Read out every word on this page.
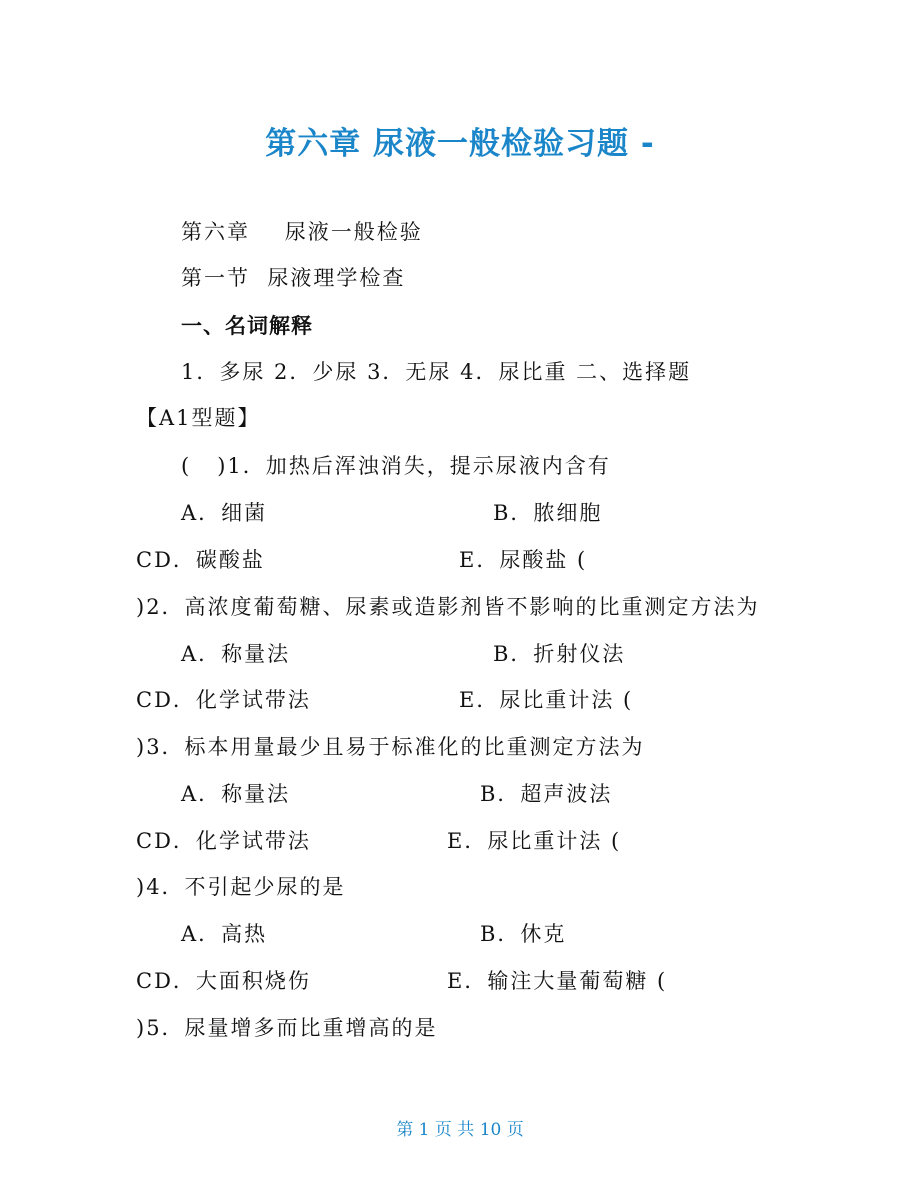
第六章 尿液一般检验习题 -
第六章    尿液一般检验
第一节  尿液理学检查
一、名词解释
1．多尿 2．少尿 3．无尿 4．尿比重 二、选择题
【A1型题】
(   )1．加热后浑浊消失，提示尿液内含有
A．细菌	B．脓细胞
CD．碳酸盐	E．尿酸盐 (
)2．高浓度葡萄糖、尿素或造影剂皆不影响的比重测定方法为
A．称量法	B．折射仪法
CD．化学试带法	E．尿比重计法 (
)3．标本用量最少且易于标准化的比重测定方法为
A．称量法	B．超声波法
CD．化学试带法	E．尿比重计法 (
)4．不引起少尿的是
A．高热	B．休克
CD．大面积烧伤	E．输注大量葡萄糖 (
)5．尿量增多而比重增高的是
第 1 页 共 10 页
